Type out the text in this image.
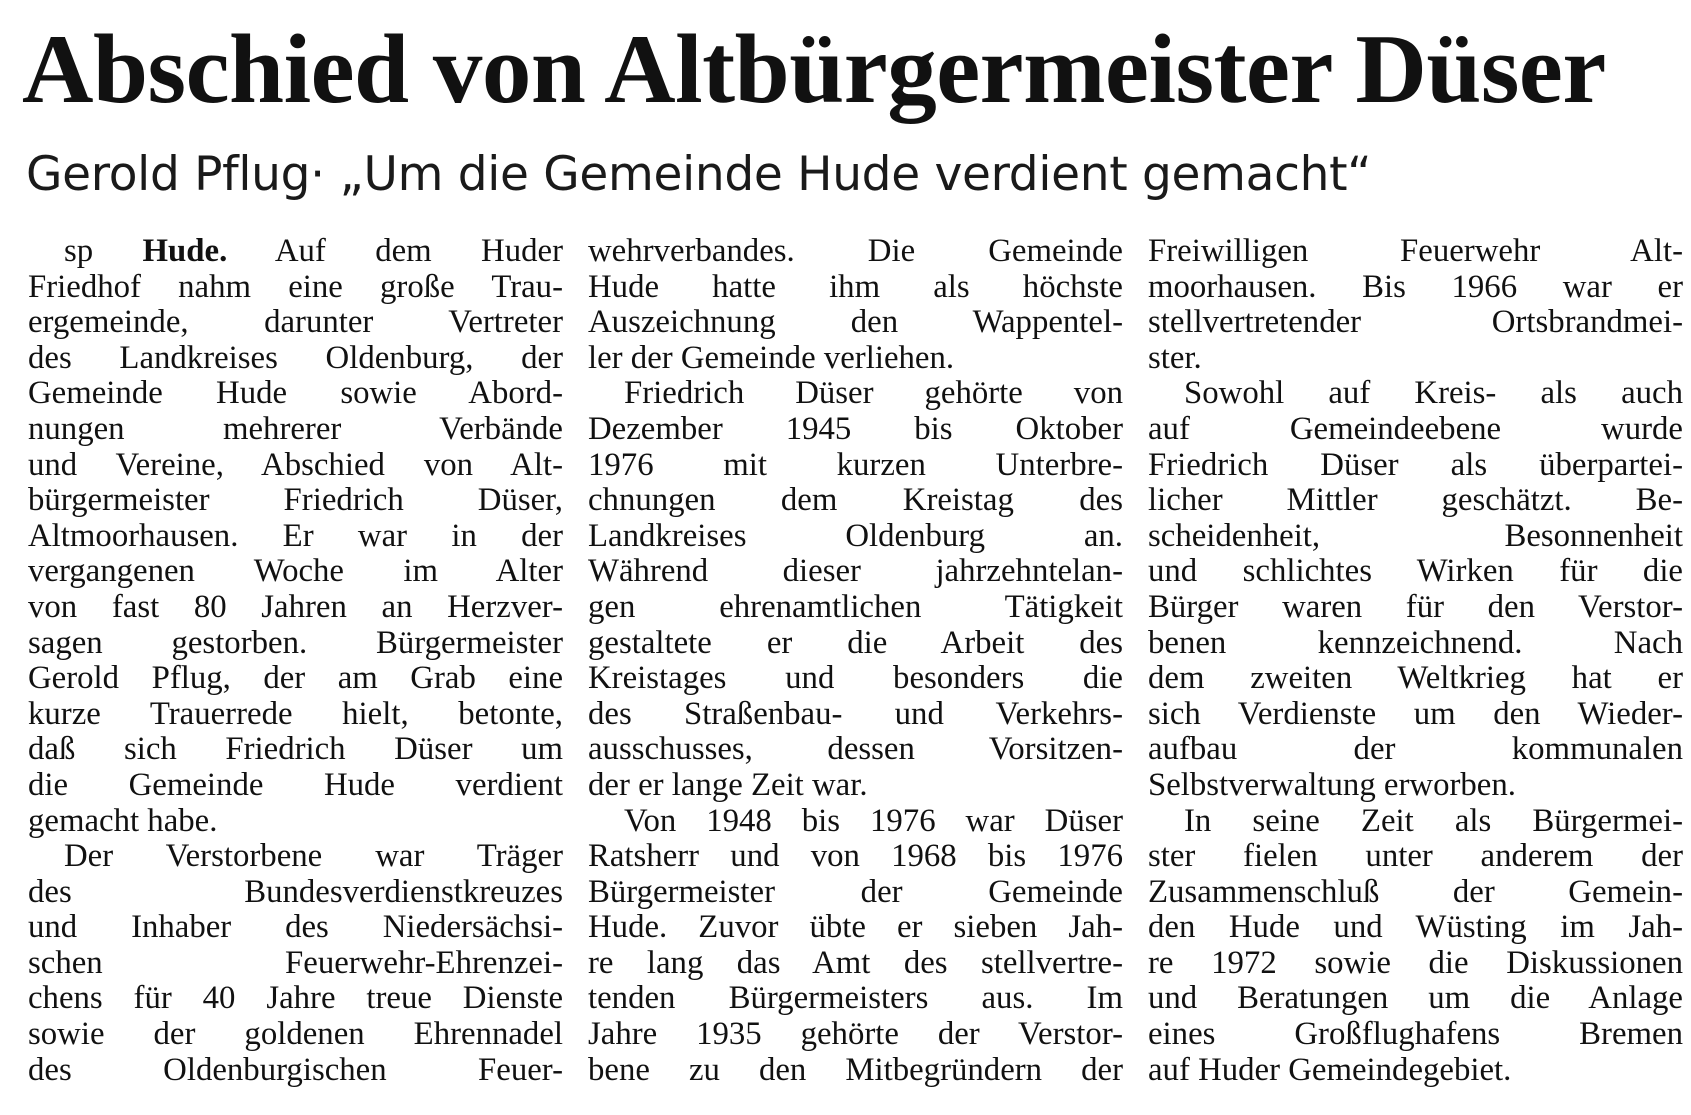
Abschied von Altbürgermeister Düser
Gerold Pflug· „Um die Gemeinde Hude verdient gemacht“
sp Hude. Auf dem Huder
Friedhof nahm eine große Trau-
ergemeinde, darunter Vertreter
des Landkreises Oldenburg, der
Gemeinde Hude sowie Abord-
nungen mehrerer Verbände
und Vereine, Abschied von Alt-
bürgermeister Friedrich Düser,
Altmoorhausen. Er war in der
vergangenen Woche im Alter
von fast 80 Jahren an Herzver-
sagen gestorben. Bürgermeister
Gerold Pflug, der am Grab eine
kurze Trauerrede hielt, betonte,
daß sich Friedrich Düser um
die Gemeinde Hude verdient
gemacht habe.
Der Verstorbene war Träger
des Bundesverdienstkreuzes
und Inhaber des Niedersächsi-
schen Feuerwehr-Ehrenzei-
chens für 40 Jahre treue Dienste
sowie der goldenen Ehrennadel
des Oldenburgischen Feuer-
wehrverbandes. Die Gemeinde
Hude hatte ihm als höchste
Auszeichnung den Wappentel-
ler der Gemeinde verliehen.
Friedrich Düser gehörte von
Dezember 1945 bis Oktober
1976 mit kurzen Unterbre-
chnungen dem Kreistag des
Landkreises Oldenburg an.
Während dieser jahrzehntelan-
gen ehrenamtlichen Tätigkeit
gestaltete er die Arbeit des
Kreistages und besonders die
des Straßenbau- und Verkehrs-
ausschusses, dessen Vorsitzen-
der er lange Zeit war.
Von 1948 bis 1976 war Düser
Ratsherr und von 1968 bis 1976
Bürgermeister der Gemeinde
Hude. Zuvor übte er sieben Jah-
re lang das Amt des stellvertre-
tenden Bürgermeisters aus. Im
Jahre 1935 gehörte der Verstor-
bene zu den Mitbegründern der
Freiwilligen Feuerwehr Alt-
moorhausen. Bis 1966 war er
stellvertretender Ortsbrandmei-
ster.
Sowohl auf Kreis- als auch
auf Gemeindeebene wurde
Friedrich Düser als überpartei-
licher Mittler geschätzt. Be-
scheidenheit, Besonnenheit
und schlichtes Wirken für die
Bürger waren für den Verstor-
benen kennzeichnend. Nach
dem zweiten Weltkrieg hat er
sich Verdienste um den Wieder-
aufbau der kommunalen
Selbstverwaltung erworben.
In seine Zeit als Bürgermei-
ster fielen unter anderem der
Zusammenschluß der Gemein-
den Hude und Wüsting im Jah-
re 1972 sowie die Diskussionen
und Beratungen um die Anlage
eines Großflughafens Bremen
auf Huder Gemeindegebiet.
